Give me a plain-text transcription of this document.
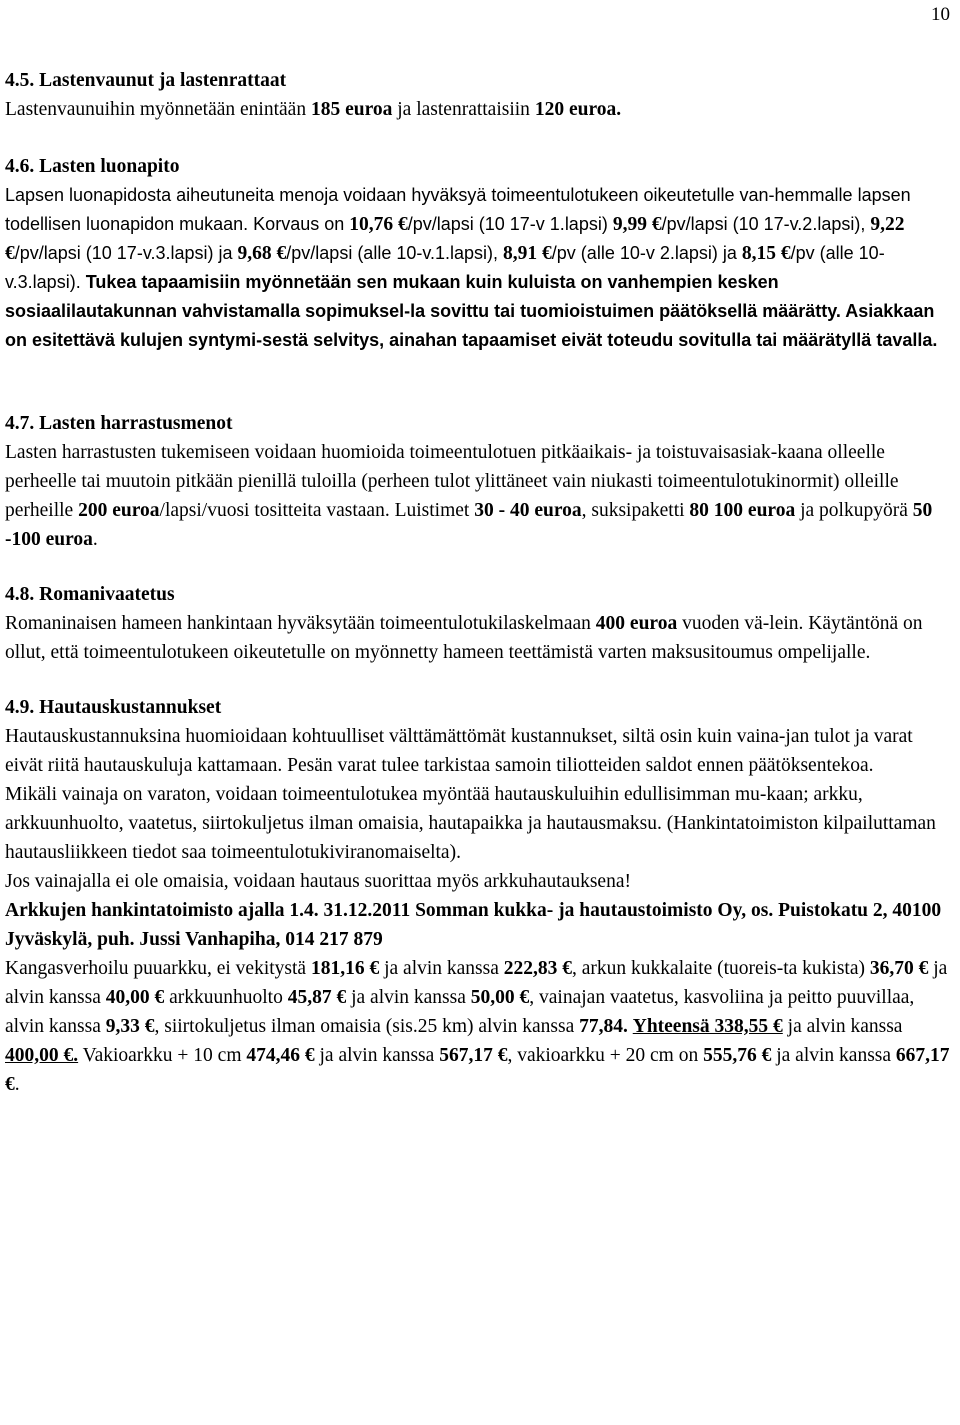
10
4.5. Lastenvaunut ja lastenrattaat
Lastenvaunuihin myönnetään enintään 185 euroa ja lastenrattaisiin 120 euroa.
4.6. Lasten luonapito
Lapsen luonapidosta aiheutuneita menoja voidaan hyväksyä toimeentulotukeen oikeutetulle van-hemmalle lapsen todellisen luonapidon mukaan. Korvaus on 10,76 €/pv/lapsi (10 17-v 1.lapsi) 9,99 €/pv/lapsi (10 17-v.2.lapsi), 9,22 €/pv/lapsi (10 17-v.3.lapsi) ja 9,68 €/pv/lapsi (alle 10-v.1.lapsi), 8,91 €/pv (alle 10-v 2.lapsi) ja 8,15 €/pv (alle 10-v.3.lapsi). Tukea tapaamisiin myönnetään sen mukaan kuin kuluista on vanhempien kesken sosiaalilautakunnan vahvistamalla sopimuksel-la sovittu tai tuomioistuimen päätöksellä määrätty. Asiakkaan on esitettävä kulujen syntymi-sestä selvitys, ainahan tapaamiset eivät toteudu sovitulla tai määrätyllä tavalla.
4.7. Lasten harrastusmenot
Lasten harrastusten tukemiseen voidaan huomioida toimeentulotuen pitkäaikais- ja toistuvaisasiak-kaana olleelle perheelle tai muutoin pitkään pienillä tuloilla (perheen tulot ylittäneet vain niukasti toimeentulotukinormit) olleille perheille 200 euroa/lapsi/vuosi tositteita vastaan. Luistimet 30 - 40 euroa, suksipaketti 80 100 euroa ja polkupyörä 50 -100 euroa.
4.8. Romanivaatetus
Romaninaisen hameen hankintaan hyväksytään toimeentulotukilaskelmaan 400 euroa vuoden vä-lein. Käytäntönä on ollut, että toimeentulotukeen oikeutetulle on myönnetty hameen teettämistä varten maksusitoumus ompelijalle.
4.9. Hautauskustannukset

Hautauskustannuksina huomioidaan kohtuulliset välttämättömät kustannukset, siltä osin kuin vaina-jan tulot ja varat eivät riitä hautauskuluja kattamaan. Pesän varat tulee tarkistaa samoin tiliotteiden saldot ennen päätöksentekoa.

Mikäli vainaja on varaton, voidaan toimeentulotukea myöntää hautauskuluihin edullisimman mu-kaan; arkku, arkkuunhuolto, vaatetus, siirtokuljetus ilman omaisia, hautapaikka ja hautausmaksu. (Hankintatoimiston kilpailuttaman hautausliikkeen tiedot saa toimeentulotukiviranomaiselta).

Jos vainajalla ei ole omaisia, voidaan hautaus suorittaa myös arkkuhautauksena!

Arkkujen hankintatoimisto ajalla 1.4. 31.12.2011 Somman kukka- ja hautaustoimisto Oy, os. Puistokatu 2, 40100 Jyväskylä, puh. Jussi Vanhapiha, 014 217 879

Kangasverhoilu puuarkku, ei vekitystä 181,16 € ja alvin kanssa 222,83 €, arkun kukkalaite (tuoreis-ta kukista) 36,70 € ja alvin kanssa 40,00 € arkkuunhuolto 45,87 € ja alvin kanssa 50,00 €, vainajan vaatetus, kasvoliina ja peitto puuvillaa, alvin kanssa 9,33 €, siirtokuljetus ilman omaisia (sis.25 km) alvin kanssa 77,84. Yhteensä 338,55 € ja alvin kanssa 400,00 €. Vakioarkku + 10 cm 474,46 € ja alvin kanssa 567,17 €, vakioarkku + 20 cm on 555,76 € ja alvin kanssa 667,17 €.
